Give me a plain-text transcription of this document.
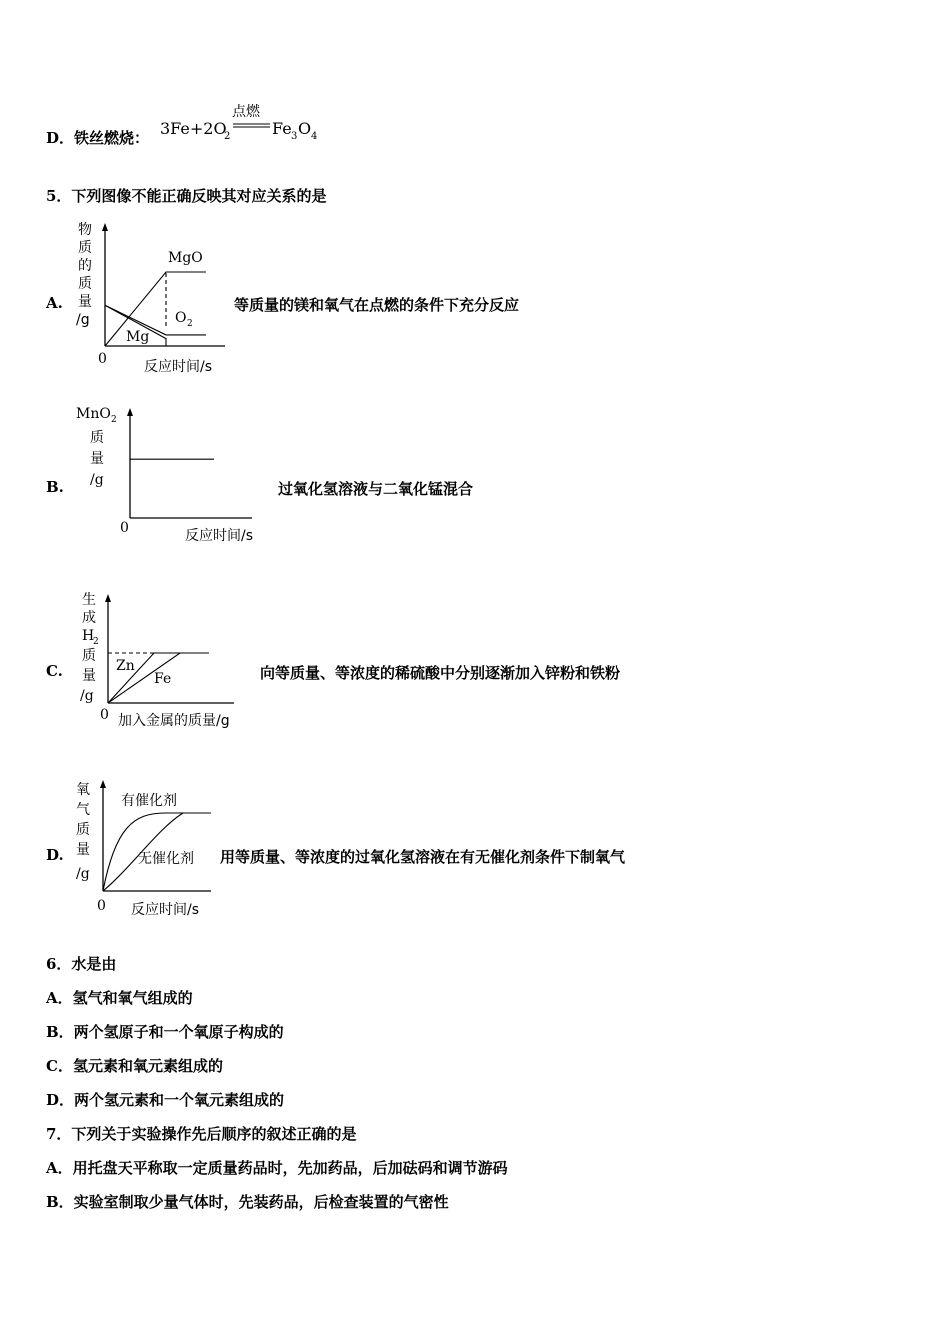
D．铁丝燃烧： 3Fe+2O
2
点燃
Fe 3 O 4
5．下列图像不能正确反映其对应关系的是
A.
物
质
的
质
量
/g
0	反应时间/s
MgO
Mg
O 2
等质量的镁和氧气在点燃的条件下充分反应
B.
MnO 2
质
量
/g
0	反应时间/s
过氧化氢溶液与二氧化锰混合
C.
生
成
H
2
质
量
/g
0 加入金属的质量/g
Zn
Fe	向等质量、等浓度的稀硫酸中分别逐渐加入锌粉和铁粉
D.
氧
气
质
量
/g
0 反应时间/s
有催化剂
无催化剂 用等质量、等浓度的过氧化氢溶液在有无催化剂条件下制氧气
6．水是由
A．氢气和氧气组成的
B．两个氢原子和一个氧原子构成的
C．氢元素和氧元素组成的
D．两个氢元素和一个氧元素组成的
7．下列关于实验操作先后顺序的叙述正确的是
A．用托盘天平称取一定质量药品时，先加药品，后加砝码和调节游码
B．实验室制取少量气体时，先装药品，后检查装置的气密性
